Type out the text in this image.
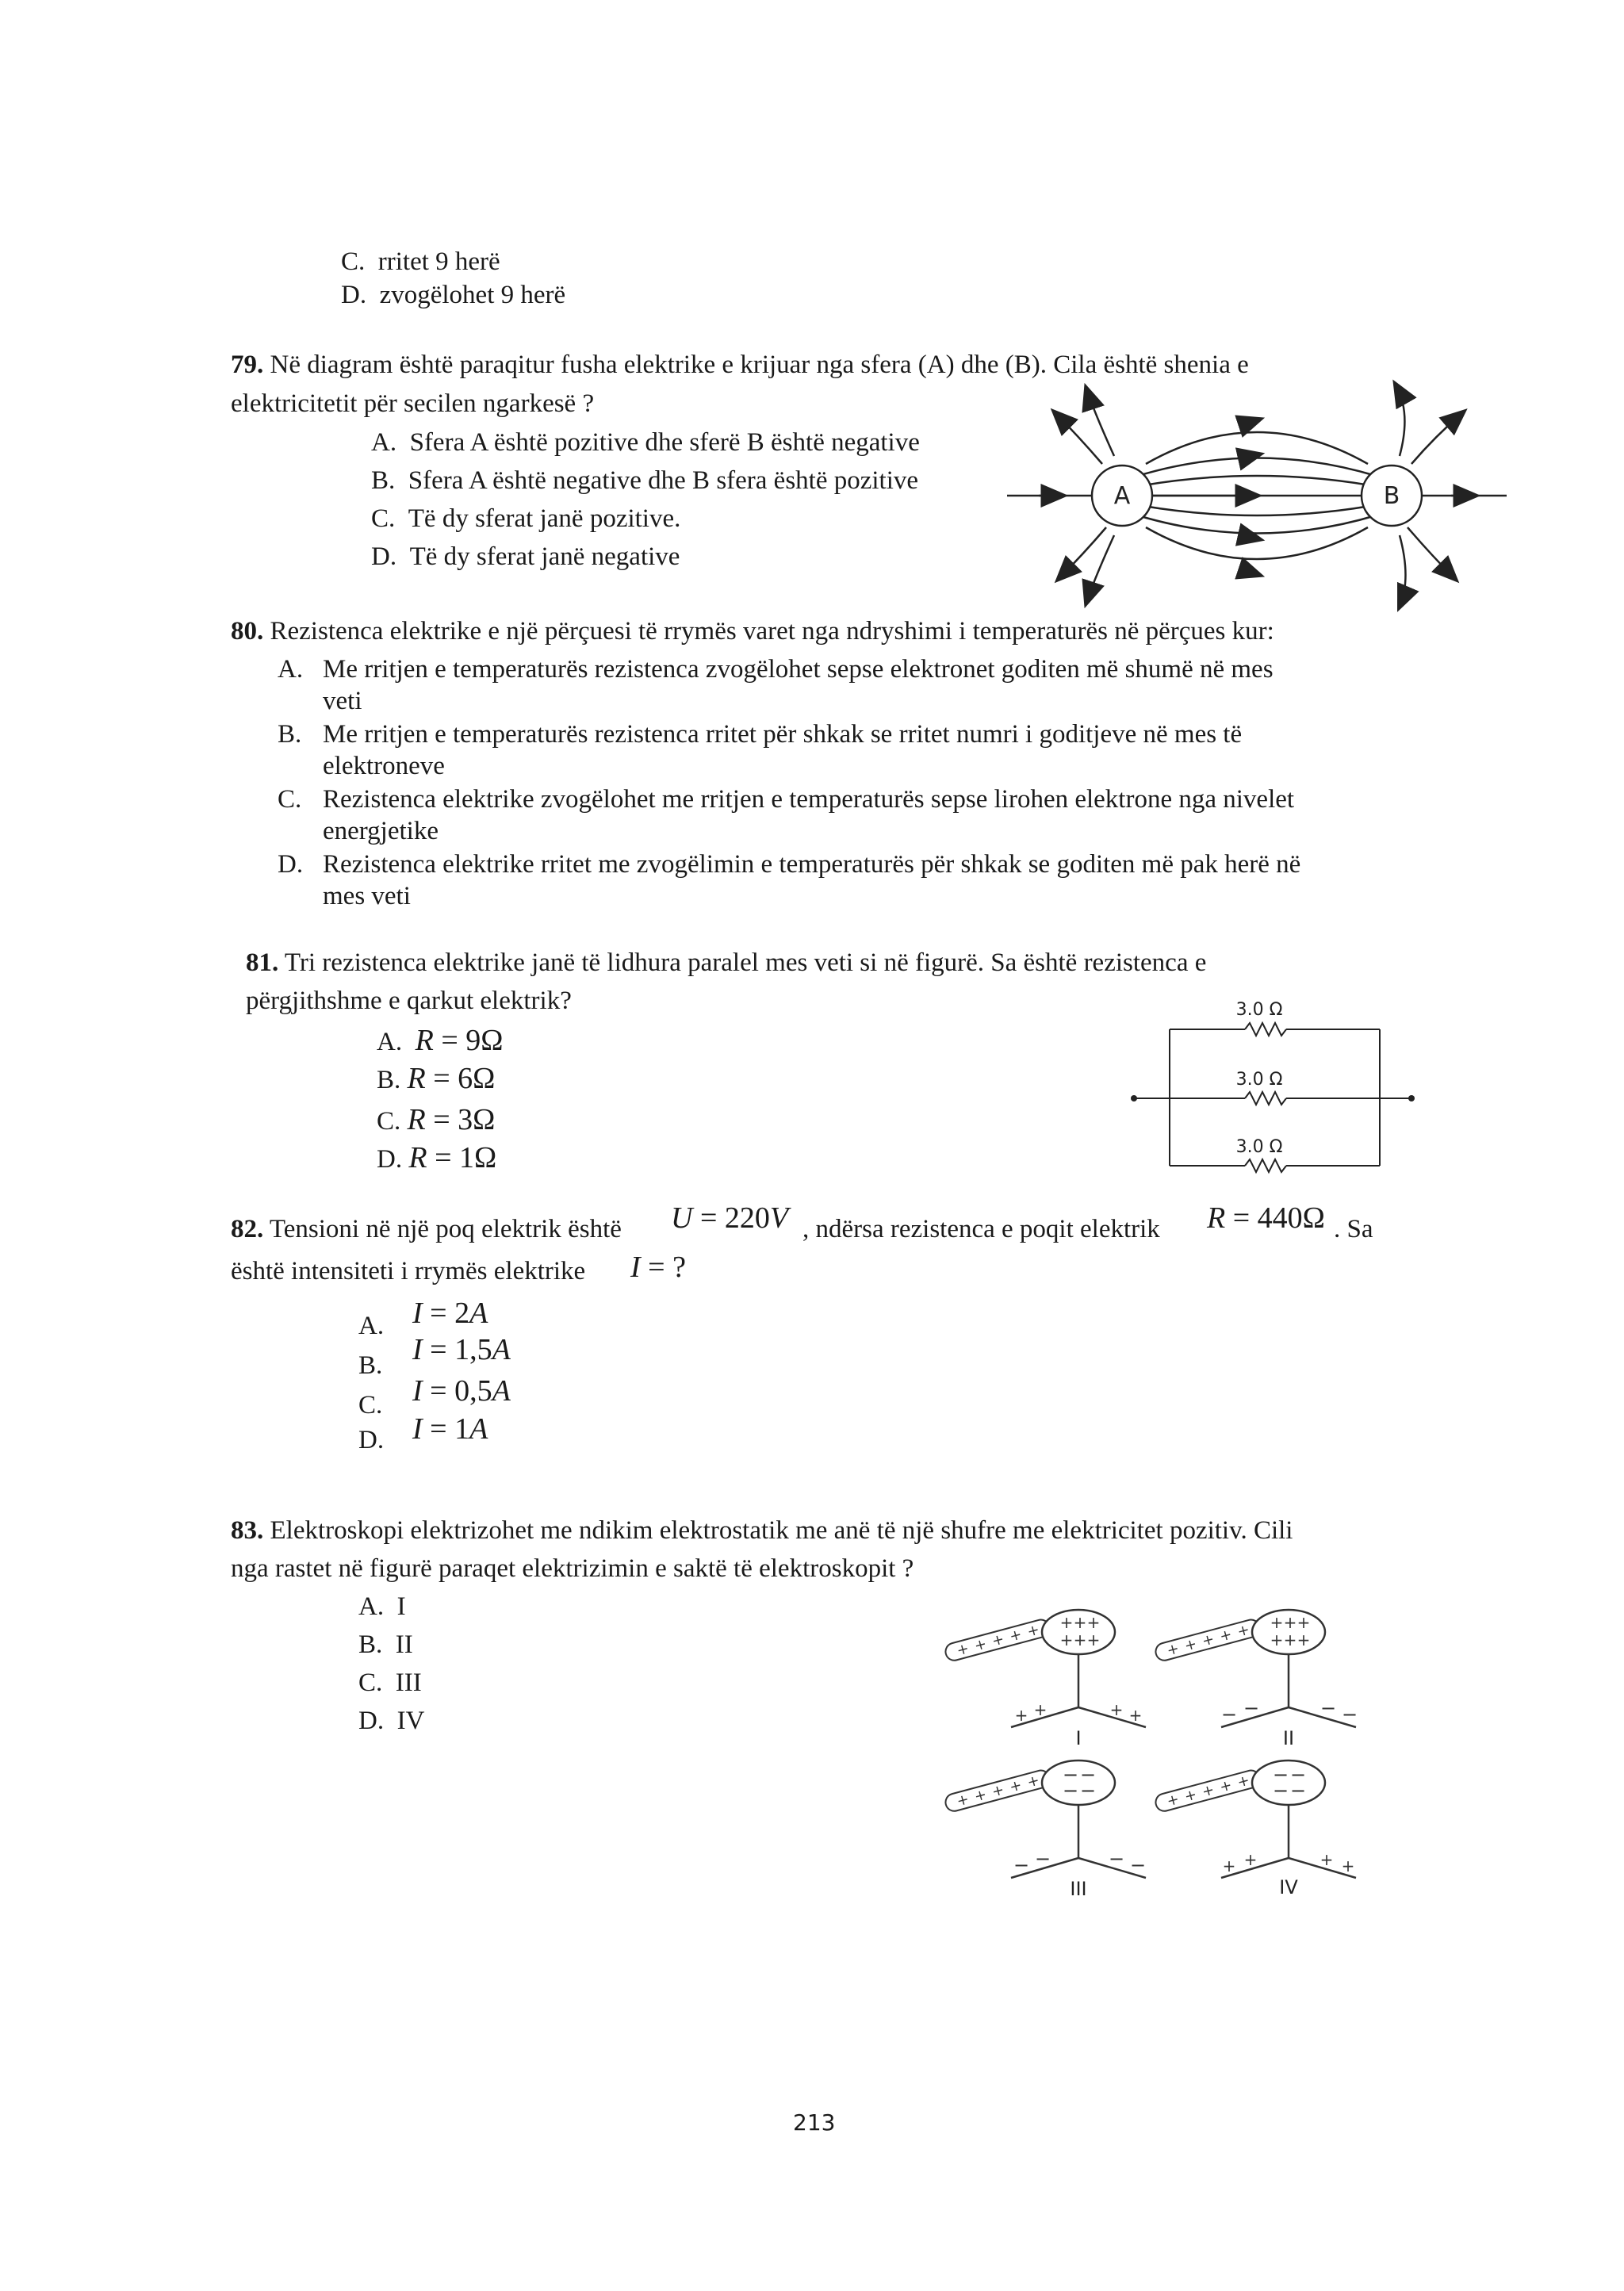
C. rritet 9 herë
D. zvogëlohet 9 herë
79. Në diagram është paraqitur fusha elektrike e krijuar nga sfera (A) dhe (B). Cila është shenia e
elektricitetit për secilen ngarkesë ?
A. Sfera A është pozitive dhe sferë B është negative
B. Sfera A është negative dhe B sfera është pozitive
C. Të dy sferat janë pozitive.
D. Të dy sferat janë negative
A	B
80. Rezistenca elektrike e një përçuesi të rrymës varet nga ndryshimi i temperaturës në përçues kur:
A. Me rritjen e temperaturës rezistenca zvogëlohet sepse elektronet goditen më shumë në mes
veti
B. Me rritjen e temperaturës rezistenca rritet për shkak se rritet numri i goditjeve në mes të
elektroneve
C. Rezistenca elektrike zvogëlohet me rritjen e temperaturës sepse lirohen elektrone nga nivelet
energjetike
D. Rezistenca elektrike rritet me zvogëlimin e temperaturës për shkak se goditen më pak herë në
mes veti
81. Tri rezistenca elektrike janë të lidhura paralel mes veti si në figurë. Sa është rezistenca e
përgjithshme e qarkut elektrik?
A. R = 9Ω
B. R = 6Ω
C. R = 3Ω
D. R = 1Ω
3.0 Ω
3.0 Ω
3.0 Ω
82. Tensioni në një poq elektrik është U = 220V , ndërsa rezistenca e poqit elektrik R = 440Ω . Sa
është intensiteti i rrymës elektrike I = ?
A. I = 2A
B. I = 1,5A
C. I = 0,5A
D. I = 1A
83. Elektroskopi elektrizohet me ndikim elektrostatik me anë të një shufre me elektricitet pozitiv. Cili
nga rastet në figurë paraqet elektrizimin e saktë të elektroskopit ?
A. I
B. II
C. III
D. IV
+ + + + +
+ + +
+ + +
+ +	+ +
I
+ + +
+ + +
− −	− −
II
− −
− −
− −	− −
III
− −
− −
+ +	+ +
IV
213
